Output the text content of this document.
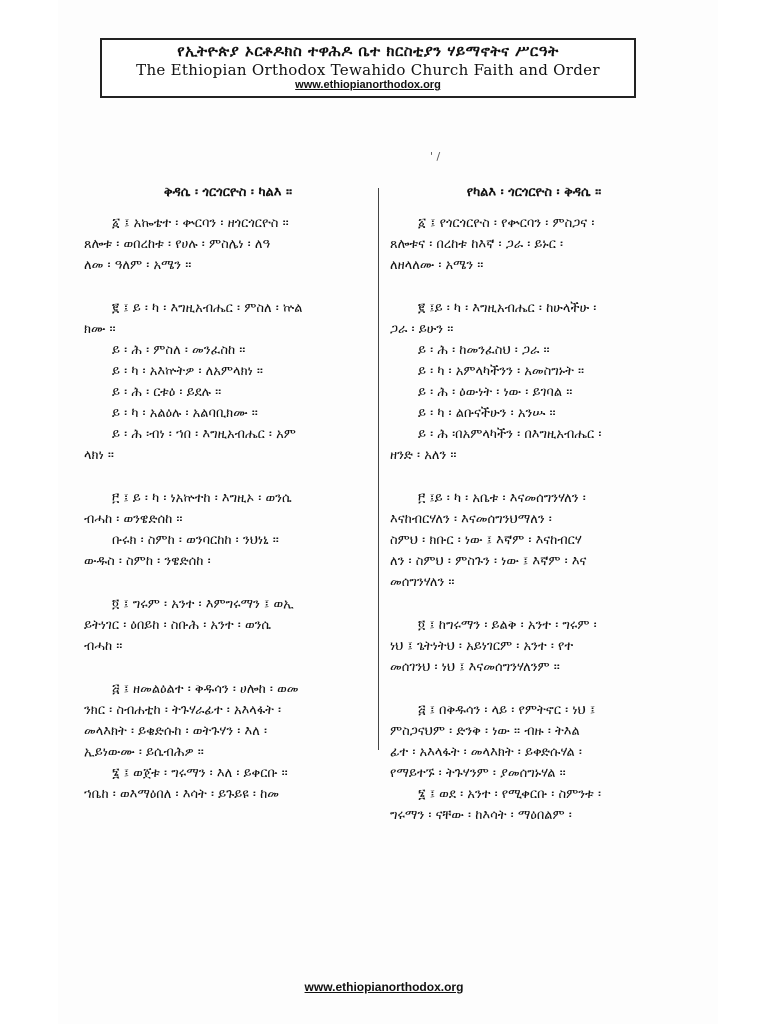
የኢትዮጵያ ኦርቶዶክስ ተዋሕዶ ቤተ ክርስቲያን ሃይማኖትና ሥርዓት
The Ethiopian Orthodox Tewahido Church Faith and Order
www.ethiopianorthodox.org
' /
ቅዳሴ ፡ ጎርጎርዮስ ፡ ካልእ ።
፩ ፤ አኰቴተ ፡ ቍርባን ፡ ዘጎርጎርዮስ ።
ጸሎቱ ፡ ወበረከቱ ፡ የሀሉ ፡ ምስሌነ ፡ ለዓ
ለመ ፡ ዓለም ፡ አሜን ።
፪ ፤ ይ ፡ ካ ፡ እግዚአብሔር ፡ ምስለ ፡ ኵል
ክሙ ።
ይ ፡ ሕ ፡ ምስለ ፡ መንፈስከ ።
ይ ፡ ካ ፡ አእኵትዎ ፡ ለአምላክነ ።
ይ ፡ ሕ ፡ ርቱዕ ፡ ይደሉ ።
ይ ፡ ካ ፡ አልዕሉ ፡ አልባቢክሙ ።
ይ ፡ ሕ ፡ብነ ፡ ኀበ ፡ እግዚአብሔር ፡ አም
ላክነ ።
፫ ፤ ይ ፡ ካ ፡ ነአኵተከ ፡ እግዚኦ ፡ ወንሴ
ብሓከ ፡ ወንዌድሰከ ።
ቡሩክ ፡ ስምከ ፡ ወንባርከከ ፡ ንህነኒ ።
ውዱስ ፡ ስምከ ፡ ንዌድሰከ ፡
፬ ፤ ግሩም ፡ አንተ ፡ እምግሩማን ፤ ወኢ
ይትነገር ፡ ዕበይከ ፡ ስቡሕ ፡ አንተ ፡ ወንሴ
ብሓከ ።
፭ ፤ ዘመልዕልተ ፡ ቅዱሳን ፡ ሀሎከ ፡ ወመ
ንክር ፡ ስብሐቲከ ፡ ትጉሃራፊተ ፡ አእላፋት ፡
መላእክት ፡ ይቄድሱከ ፡ ወትጉሃን ፡ እለ ፡
ኢይነውሙ ፡ ይሴብሕዎ ።
፮ ፤ ወጀቱ ፡ ግሩማን ፡ እለ ፡ ይቀርቡ ።
ኀቤከ ፡ ወእማዕበለ ፡ እሳት ፡ ይጉይዩ ፡ ከመ
የካልእ ፡ ጎርጎርዮስ ፡ ቅዳሴ ።
፩ ፤ የጎርጎርዮስ ፡ የቍርባን ፡ ምስጋና ፡
ጸሎቱና ፡ በረከቱ ከእኛ ፡ ጋራ ፡ ይኑር ፡
ለዘላለሙ ፡ አሜን ።
፪ ፤ይ ፡ ካ ፡ እግዚአብሔር ፡ ከሁላችሁ ፡
ጋራ ፡ ይሁን ።
ይ ፡ ሕ ፡ ከመንፈስህ ፡ ጋራ ።
ይ ፡ ካ ፡ አምላካችንን ፡ አመስግኑት ።
ይ ፡ ሕ ፡ ዕውነት ፡ ነው ፡ ይገባል ።
ይ ፡ ካ ፡ ልቡናችሁን ፡ አንሡ ።
ይ ፡ ሕ ፡በአምላካችን ፡ በእግዚአብሔር ፡
ዘንድ ፡ አለን ።
፫ ፤ይ ፡ ካ ፡ አቤቱ ፡ እናመሰግንሃለን ፡
እናከብርሃለን ፡ እናመሰግንህማለን ፡
ስምህ ፡ ክቡር ፡ ነው ፤ እኛም ፡ እናከብርሃ
ለን ፡ ስምህ ፡ ምስጉን ፡ ነው ፤ እኛም ፡ እና
መሰግንሃለን ።
፬ ፤ ከግሩማን ፡ ይልቅ ፡ አንተ ፡ ግሩም ፡
ነህ ፤ ጌትነትህ ፡ አይነገርም ፡ አንተ ፡ የተ
መሰገንህ ፡ ነህ ፤ እናመሰግንሃለንም ።
፭ ፤ በቅዱሳን ፡ ላይ ፡ የምትኖር ፡ ነህ ፤
ምስጋናህም ፡ ድንቅ ፡ ነው ። ብዙ ፡ ትእል
ፊተ ፡ አእላፋት ፡ መላእክት ፡ ይቀድሱሃል ፡
የማይተኙ ፡ ትጉሃንም ፡ ያመሰግኑሃል ።
፮ ፤ ወደ ፡ አንተ ፡ የሚቀርቡ ፡ ስምንቱ ፡
ግሩማን ፡ ናቸው ፡ ከእሳት ፡ ማዕበልም ፡
www.ethiopianorthodox.org
